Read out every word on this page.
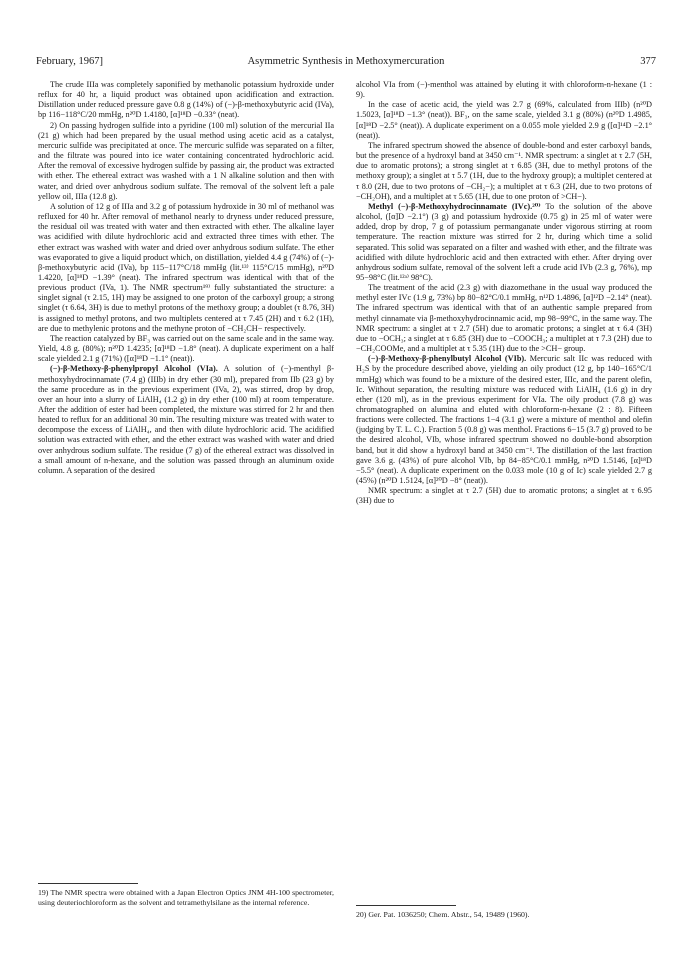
February, 1967]	Asymmetric Synthesis in Methoxymercuration	377

The crude IIIa was completely saponified by methanolic potassium hydroxide under reflux for 40 hr, a liquid product was obtained upon acidification and extraction. Distillation under reduced pressure gave 0.8 g (14%) of (−)-β-methoxybutyric acid (IVa), bp 116−118°C/20 mmHg, n²⁰D 1.4180, [α]¹⁸D −0.33° (neat).

2) On passing hydrogen sulfide into a pyridine (100 ml) solution of the mercurial IIa (21 g) which had been prepared by the usual method using acetic acid as a catalyst, mercuric sulfide was precipitated at once. The mercuric sulfide was separated on a filter, and the filtrate was poured into ice water containing concentrated hydrochloric acid. After the removal of excessive hydrogen sulfide by passing air, the product was extracted with ether. The ethereal extract was washed with a 1 N alkaline solution and then with water, and dried over anhydrous sodium sulfate. The removal of the solvent left a pale yellow oil, IIIa (12.8 g).

A solution of 12 g of IIIa and 3.2 g of potassium hydroxide in 30 ml of methanol was refluxed for 40 hr. After removal of methanol nearly to dryness under reduced pressure, the residual oil was treated with water and then extracted with ether. The alkaline layer was acidified with dilute hydrochloric acid and extracted three times with ether. The ether extract was washed with water and dried over anhydrous sodium sulfate. The ether was evaporated to give a liquid product which, on distillation, yielded 4.4 g (74%) of (−)-β-methoxybutyric acid (IVa), bp 115−117°C/18 mmHg (lit.¹³⁾ 115°C/15 mmHg), n²⁰D 1.4220, [α]¹⁸D −1.39° (neat). The infrared spectrum was identical with that of the previous product (IVa, 1). The NMR spectrum¹⁹⁾ fully substantiated the structure: a singlet signal (τ 2.15, 1H) may be assigned to one proton of the carboxyl group; a strong singlet (τ 6.64, 3H) is due to methyl protons of the methoxy group; a doublet (τ 8.76, 3H) is assigned to methyl protons, and two multiplets centered at τ 7.45 (2H) and τ 6.2 (1H), are due to methylenic protons and the methyne proton of −CH₂CH− respectively.

The reaction catalyzed by BF₃ was carried out on the same scale and in the same way. Yield, 4.8 g. (80%); n²⁰D 1.4235; [α]¹⁸D −1.8° (neat). A duplicate experiment on a half scale yielded 2.1 g (71%) ([α]¹⁸D −1.1° (neat)).

(−)-β-Methoxy-β-phenylpropyl Alcohol (VIa). A solution of (−)-menthyl β-methoxyhydrocinnamate (7.4 g) (IIIb) in dry ether (30 ml), prepared from IIb (23 g) by the same procedure as in the previous experiment (IVa, 2), was stirred, drop by drop, over an hour into a slurry of LiAlH₄ (1.2 g) in dry ether (100 ml) at room temperature. After the addition of ester had been completed, the mixture was stirred for 2 hr and then heated to reflux for an additional 30 min. The resulting mixture was treated with water to decompose the excess of LiAlH₄, and then with dilute hydrochloric acid. The acidified solution was extracted with ether, and the ether extract was washed with water and dried over anhydrous sodium sulfate. The residue (7 g) of the ethereal extract was dissolved in a small amount of n-hexane, and the solution was passed through an aluminum oxide column. A separation of the desired

19) The NMR spectra were obtained with a Japan Electron Optics JNM 4H-100 spectrometer, using deuteriochloroform as the solvent and tetramethylsilane as the internal reference.

alcohol VIa from (−)-menthol was attained by eluting it with chloroform-n-hexane (1 : 9).

In the case of acetic acid, the yield was 2.7 g (69%, calculated from IIIb) (n²⁰D 1.5023, [α]¹⁸D −1.3° (neat)). BF₃, on the same scale, yielded 3.1 g (80%) (n²⁰D 1.4985, [α]¹⁸D −2.5° (neat)). A duplicate experiment on a 0.055 mole yielded 2.9 g ([α]¹⁴D −2.1° (neat)).

The infrared spectrum showed the absence of double-bond and ester carboxyl bands, but the presence of a hydroxyl band at 3450 cm⁻¹. NMR spectrum: a singlet at τ 2.7 (5H, due to aromatic protons); a strong singlet at τ 6.85 (3H, due to methyl protons of the methoxy group); a singlet at τ 5.7 (1H, due to the hydroxy group); a multiplet centered at τ 8.0 (2H, due to two protons of −CH₂−); a multiplet at τ 6.3 (2H, due to two protons of −CH₂OH), and a multiplet at τ 5.65 (1H, due to one proton of >CH−).

Methyl (−)-β-Methoxyhydrocinnamate (IVc).²⁰⁾ To the solution of the above alcohol, ([α]D −2.1°) (3 g) and potassium hydroxide (0.75 g) in 25 ml of water were added, drop by drop, 7 g of potassium permanganate under vigorous stirring at room temperature. The reaction mixture was stirred for 2 hr, during which time a solid separated. This solid was separated on a filter and washed with ether, and the filtrate was acidified with dilute hydrochloric acid and then extracted with ether. After drying over anhydrous sodium sulfate, removal of the solvent left a crude acid IVb (2.3 g, 76%), mp 95−98°C (lit.¹²ᵃ⁾ 98°C).

The treatment of the acid (2.3 g) with diazomethane in the usual way produced the methyl ester IVc (1.9 g, 73%) bp 80−82°C/0.1 mmHg, n¹²D 1.4896, [α]¹²D −2.14° (neat). The infrared spectrum was identical with that of an authentic sample prepared from methyl cinnamate via β-methoxyhydrocinnamic acid, mp 98−99°C, in the same way. The NMR spectrum: a singlet at τ 2.7 (5H) due to aromatic protons; a singlet at τ 6.4 (3H) due to −OCH₃; a singlet at τ 6.85 (3H) due to −COOCH₃; a multiplet at τ 7.3 (2H) due to −CH₂COOMe, and a multiplet at τ 5.35 (1H) due to the >CH− group.

(−)-β-Methoxy-β-phenylbutyl Alcohol (VIb). Mercuric salt IIc was reduced with H₂S by the procedure described above, yielding an oily product (12 g, bp 140−165°C/1 mmHg) which was found to be a mixture of the desired ester, IIIc, and the parent olefin, Ic. Without separation, the resulting mixture was reduced with LiAlH₄ (1.6 g) in dry ether (120 ml), as in the previous experiment for VIa. The oily product (7.8 g) was chromatographed on alumina and eluted with chloroform-n-hexane (2 : 8). Fifteen fractions were collected. The fractions 1−4 (3.1 g) were a mixture of menthol and olefin (judging by T. L. C.). Fraction 5 (0.8 g) was menthol. Fractions 6−15 (3.7 g) proved to be the desired alcohol, VIb, whose infrared spectrum showed no double-bond absorption band, but it did show a hydroxyl band at 3450 cm⁻¹. The distillation of the last fraction gave 3.6 g. (43%) of pure alcohol VIb, bp 84−85°C/0.1 mmHg, n²⁰D 1.5146, [α]¹⁸D −5.5° (neat). A duplicate experiment on the 0.033 mole (10 g of Ic) scale yielded 2.7 g (45%) (n²⁰D 1.5124, [α]²⁰D −8° (neat)).

NMR spectrum: a singlet at τ 2.7 (5H) due to aromatic protons; a singlet at τ 6.95 (3H) due to

20) Ger. Pat. 1036250; Chem. Abstr., 54, 19489 (1960).
